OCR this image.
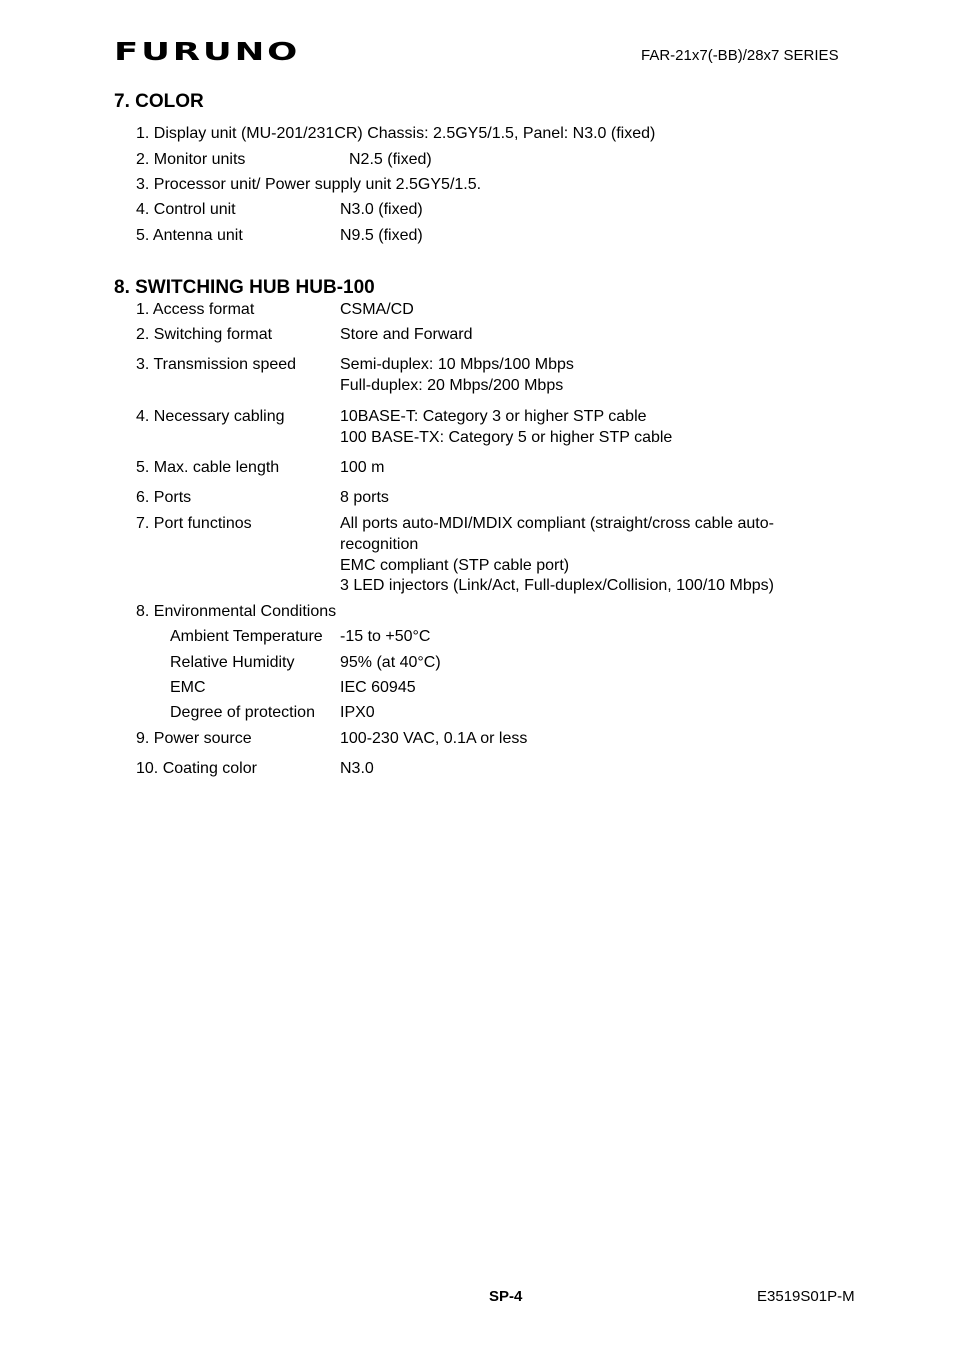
FURUNO	FAR-21x7(-BB)/28x7 SERIES
7. COLOR
1. Display unit (MU-201/231CR) Chassis: 2.5GY5/1.5, Panel: N3.0 (fixed)
2. Monitor units	N2.5 (fixed)
3. Processor unit/ Power supply unit 2.5GY5/1.5.
4. Control unit	N3.0 (fixed)
5. Antenna unit	N9.5 (fixed)
8. SWITCHING HUB HUB-100
1. Access format	CSMA/CD
2. Switching format	Store and Forward
3. Transmission speed	Semi-duplex: 10 Mbps/100 Mbps
Full-duplex: 20 Mbps/200 Mbps
4. Necessary cabling	10BASE-T: Category 3 or higher STP cable
100 BASE-TX: Category 5 or higher STP cable
5. Max. cable length	100 m
6. Ports	8 ports
7. Port functinos	All ports auto-MDI/MDIX compliant (straight/cross cable auto-
recognition
EMC compliant (STP cable port)
3 LED injectors (Link/Act, Full-duplex/Collision, 100/10 Mbps)
8. Environmental Conditions
Ambient Temperature -15 to +50°C
Relative Humidity	95% (at 40°C)
EMC	IEC 60945
Degree of protection IPX0
9. Power source	100-230 VAC, 0.1A or less
10. Coating color	N3.0
SP-4	E3519S01P-M
